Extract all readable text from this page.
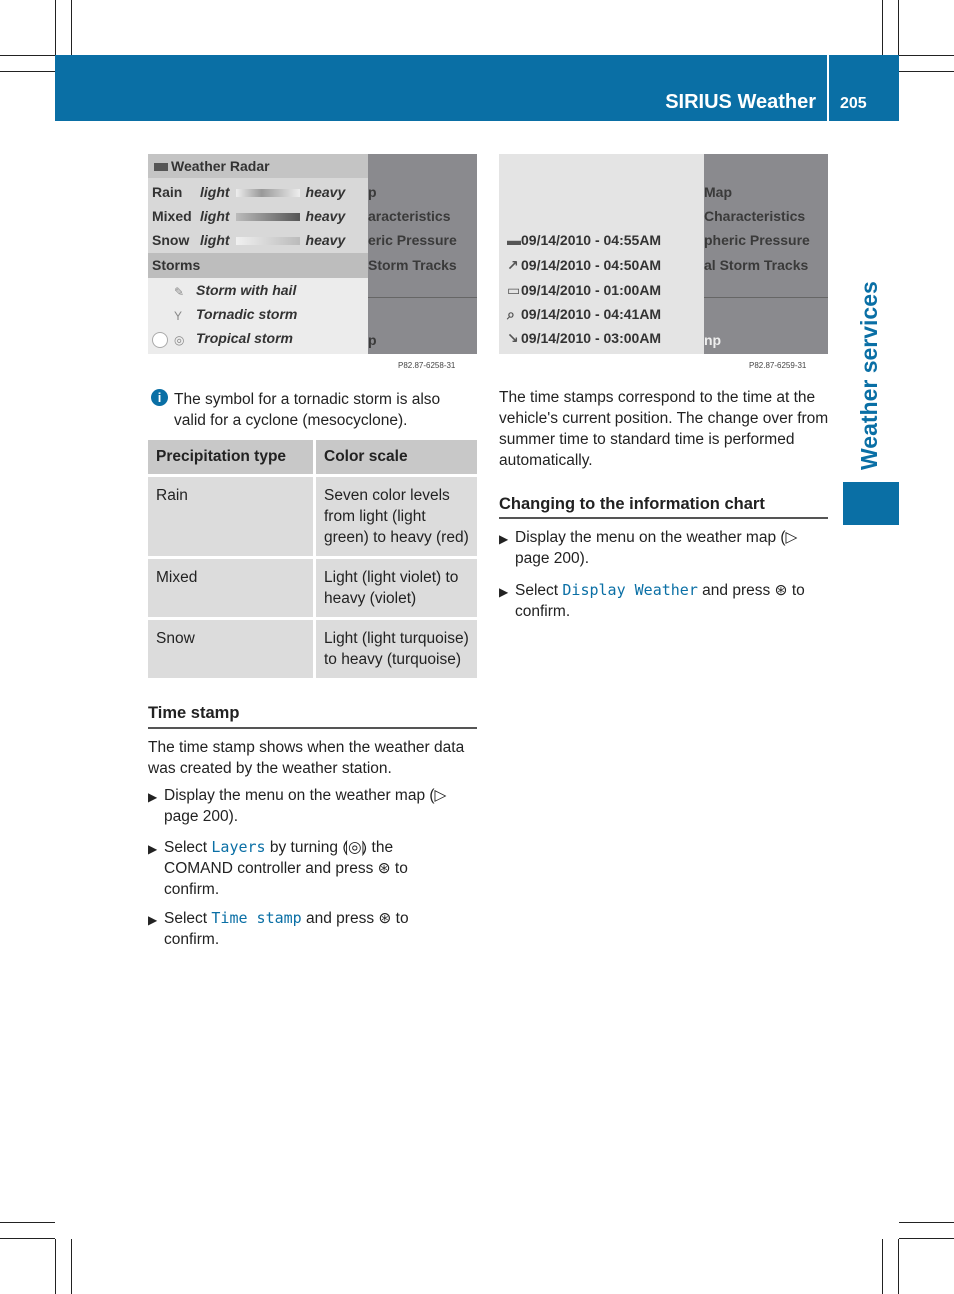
SIRIUS Weather 205
Weather services
Weather Radar
Rain light	heavy
Mixed light	heavy
Snow light	heavy
Storms
Storm with hail
Tornadic storm
Tropical storm
✎
Y
◎
p
aracteristics
eric Pressure
Storm Tracks
p
P82.87-6258-31
▬09/14/2010 - 04:55AM
↗ 09/14/2010 - 04:50AM
▭09/14/2010 - 01:00AM
⌕ 09/14/2010 - 04:41AM
↘ 09/14/2010 - 03:00AM
Map
Characteristics
pheric Pressure
al Storm Tracks
np
P82.87-6259-31
i The symbol for a tornadic storm is also valid for a cyclone (mesocyclone).
Precipitation type	Color scale
Rain	Seven color levels from light (light green) to heavy (red)
Mixed	Light (light violet) to heavy (violet)
Snow	Light (light turquoise) to heavy (turquoise)
Time stamp
The time stamp shows when the weather data was created by the weather station.
▶ Display the menu on the weather map (▷ page 200).
▶ Select Layers by turning ⟬◎⟭ the COMAND controller and press ⊛ to confirm.
▶ Select Time stamp and press ⊛ to confirm.
The time stamps correspond to the time at the vehicle's current position. The change over from summer time to standard time is performed automatically.
Changing to the information chart
▶ Display the menu on the weather map (▷ page 200).
▶ Select Display Weather and press ⊛ to confirm.
